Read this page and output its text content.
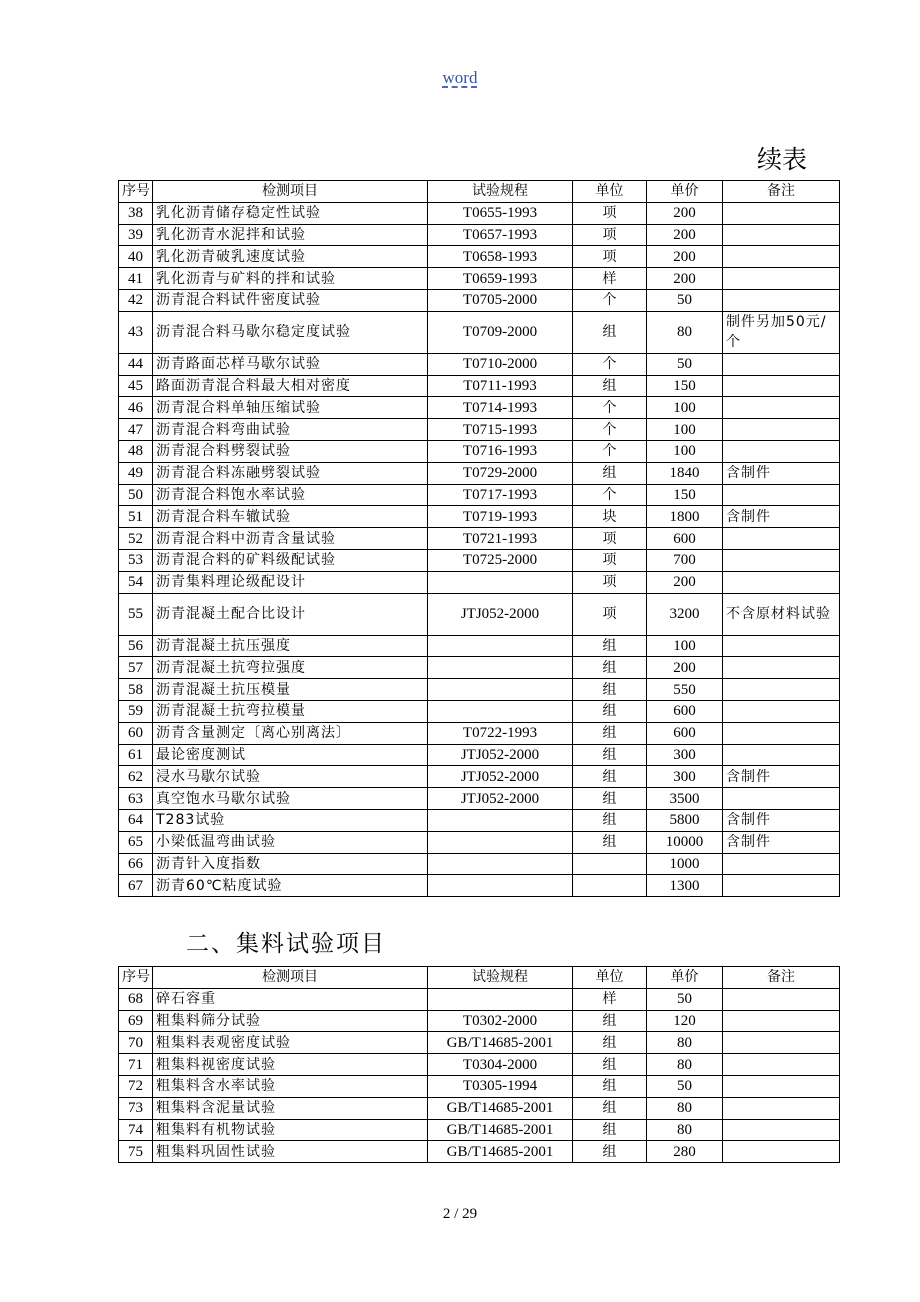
word
续表
序号	检测项目	试验规程	单位	单价	备注
38	乳化沥青储存稳定性试验	T0655-1993	项	200	
39	乳化沥青水泥拌和试验	T0657-1993	项	200	
40	乳化沥青破乳速度试验	T0658-1993	项	200	
41	乳化沥青与矿料的拌和试验	T0659-1993	样	200	
42	沥青混合料试件密度试验	T0705-2000	个	50	
43	沥青混合料马歇尔稳定度试验	T0709-2000	组	80	制件另加50元/个
44	沥青路面芯样马歇尔试验	T0710-2000	个	50	
45	路面沥青混合料最大相对密度	T0711-1993	组	150	
46	沥青混合料单轴压缩试验	T0714-1993	个	100	
47	沥青混合料弯曲试验	T0715-1993	个	100	
48	沥青混合料劈裂试验	T0716-1993	个	100	
49	沥青混合料冻融劈裂试验	T0729-2000	组	1840	含制件
50	沥青混合料饱水率试验	T0717-1993	个	150	
51	沥青混合料车辙试验	T0719-1993	块	1800	含制件
52	沥青混合料中沥青含量试验	T0721-1993	项	600	
53	沥青混合料的矿料级配试验	T0725-2000	项	700	
54	沥青集料理论级配设计		项	200	
55	沥青混凝土配合比设计	JTJ052-2000	项	3200	不含原材料试验
56	沥青混凝土抗压强度		组	100	
57	沥青混凝土抗弯拉强度		组	200	
58	沥青混凝土抗压模量		组	550	
59	沥青混凝土抗弯拉模量		组	600	
60	沥青含量测定〔离心别离法〕	T0722-1993	组	600	
61	最论密度测试	JTJ052-2000	组	300	
62	浸水马歇尔试验	JTJ052-2000	组	300	含制件
63	真空饱水马歇尔试验	JTJ052-2000	组	3500	
64	T283试验		组	5800	含制件
65	小梁低温弯曲试验		组	10000	含制件
66	沥青针入度指数			1000	
67	沥青60℃粘度试验			1300	
二、集料试验项目
序号	检测项目	试验规程	单位	单价	备注
68	碎石容重		样	50	
69	粗集料筛分试验	T0302-2000	组	120	
70	粗集料表观密度试验	GB/T14685-2001	组	80	
71	粗集料视密度试验	T0304-2000	组	80	
72	粗集料含水率试验	T0305-1994	组	50	
73	粗集料含泥量试验	GB/T14685-2001	组	80	
74	粗集料有机物试验	GB/T14685-2001	组	80	
75	粗集料巩固性试验	GB/T14685-2001	组	280	
2 / 29
